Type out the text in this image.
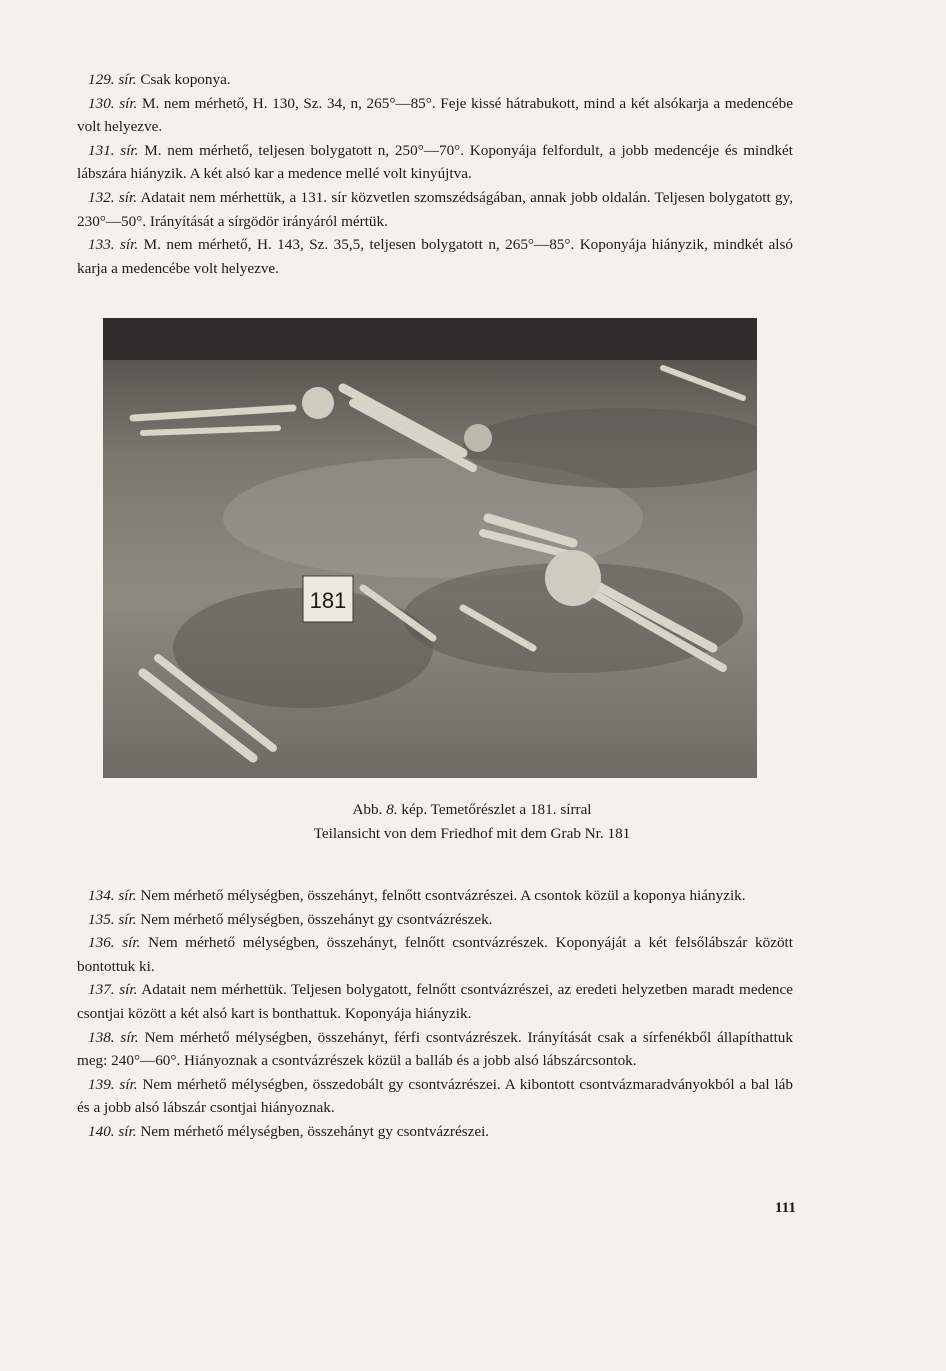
129. sír. Csak koponya.

130. sír. M. nem mérhető, H. 130, Sz. 34, n, 265°—85°. Feje kissé hátrabukott, mind a két alsókarja a medencébe volt helyezve.

131. sír. M. nem mérhető, teljesen bolygatott n, 250°—70°. Koponyája felfordult, a jobb medencéje és mindkét lábszára hiányzik. A két alsó kar a medence mellé volt kinyújtva.

132. sír. Adatait nem mérhettük, a 131. sír közvetlen szomszédságában, annak jobb oldalán. Teljesen bolygatott gy, 230°—50°. Irányítását a sírgödör irányáról mértük.

133. sír. M. nem mérhető, H. 143, Sz. 35,5, teljesen bolygatott n, 265°—85°. Koponyája hiányzik, mindkét alsó karja a medencébe volt helyezve.

181
Abb. 8. kép. Temetőrészlet a 181. sírral
Teilansicht von dem Friedhof mit dem Grab Nr. 181

134. sír. Nem mérhető mélységben, összehányt, felnőtt csontvázrészei. A csontok közül a koponya hiányzik.

135. sír. Nem mérhető mélységben, összehányt gy csontvázrészek.

136. sír. Nem mérhető mélységben, összehányt, felnőtt csontvázrészek. Koponyáját a két felsőlábszár között bontottuk ki.

137. sír. Adatait nem mérhettük. Teljesen bolygatott, felnőtt csontvázrészei, az eredeti helyzetben maradt medence csontjai között a két alsó kart is bonthattuk. Koponyája hiányzik.

138. sír. Nem mérhető mélységben, összehányt, férfi csontvázrészek. Irányítását csak a sírfenékből állapíthattuk meg: 240°—60°. Hiányoznak a csontvázrészek közül a balláb és a jobb alsó lábszárcsontok.

139. sír. Nem mérhető mélységben, összedobált gy csontvázrészei. A kibontott csontvázmaradványokból a bal láb és a jobb alsó lábszár csontjai hiányoznak.

140. sír. Nem mérhető mélységben, összehányt gy csontvázrészei.

111
